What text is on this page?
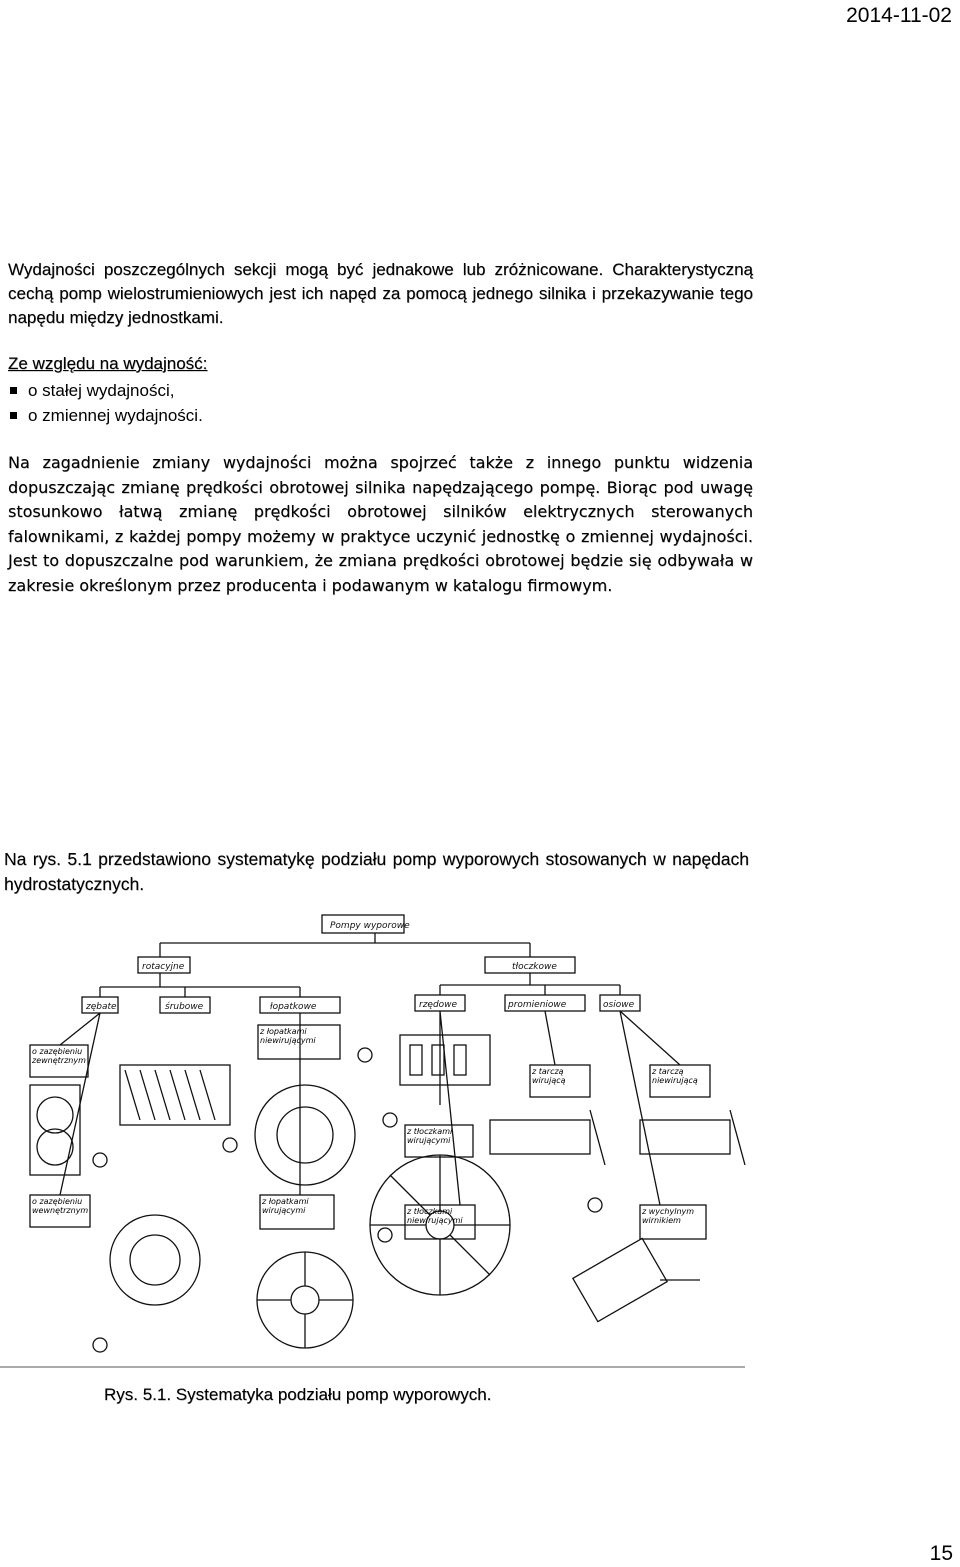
2014-11-02

Wydajności poszczególnych sekcji mogą być jednakowe lub zróżnicowane. Charakterystyczną cechą pomp wielostrumieniowych jest ich napęd za pomocą jednego silnika i przekazywanie tego napędu między jednostkami.

Ze względu na wydajność:
o stałej wydajności,
o zmiennej wydajności.

Na zagadnienie zmiany wydajności można spojrzeć także z innego punktu widzenia dopuszczając zmianę prędkości obrotowej silnika napędzającego pompę. Biorąc pod uwagę stosunkowo łatwą zmianę prędkości obrotowej silników elektrycznych sterowanych falownikami, z każdej pompy możemy w praktyce uczynić jednostkę o zmiennej wydajności. Jest to dopuszczalne pod warunkiem, że zmiana prędkości obrotowej będzie się odbywała w zakresie określonym przez producenta i podawanym w katalogu firmowym.

Na rys. 5.1 przedstawiono systematykę podziału pomp wyporowych stosowanych w napędach hydrostatycznych.

Pompy wyporowe
rotacyjne	tłoczkowe
zębate	śrubowe	łopatkowe	rzędowe	promieniowe	osiowe
o zazębieniu zewnętrznym
z łopatkami niewirującymi
z tarczą wirującą
z tarczą niewirującą
z tłoczkami wirującymi
o zazębieniu wewnętrznym
z łopatkami wirującymi	z tłoczkami niewirującymi
z wychylnym wirnikiem
Rys. 5.1. Systematyka podziału pomp wyporowych.
15
